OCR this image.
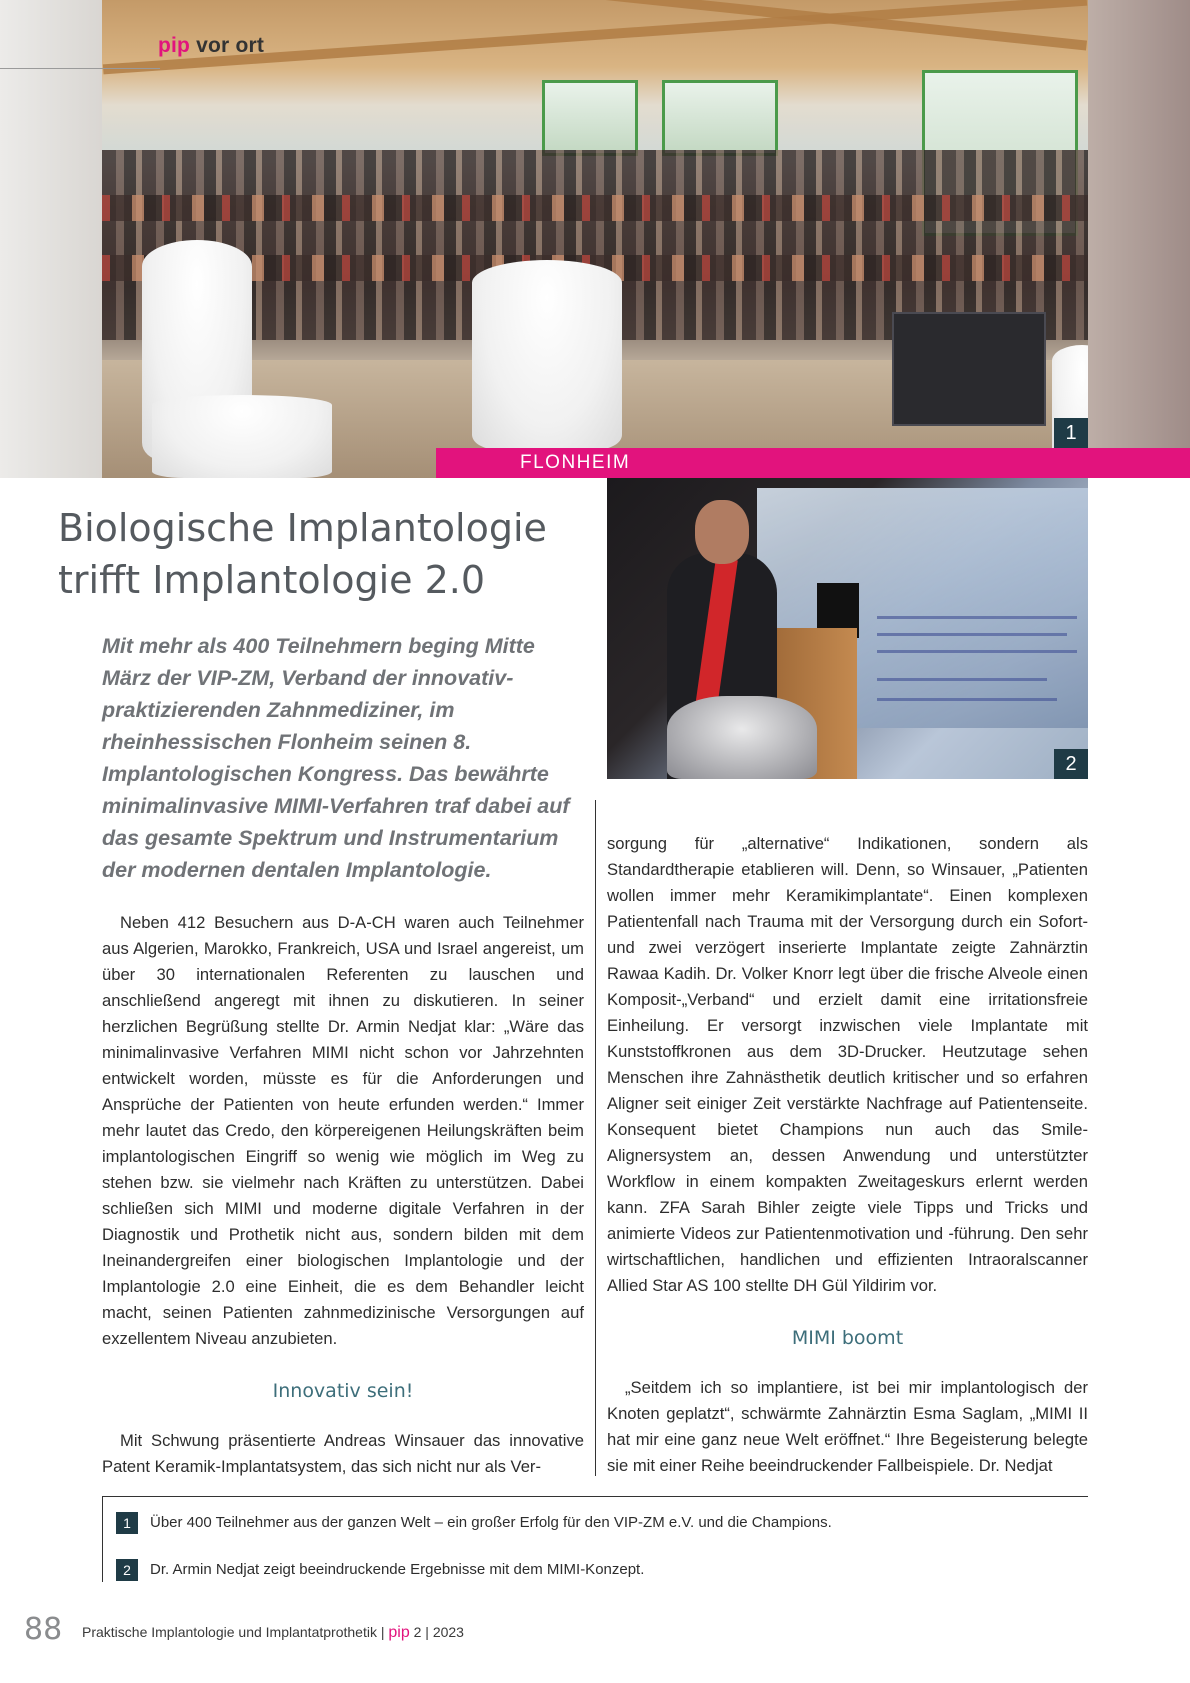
pip vor ort
1
FLONHEIM
2
Biologische Implantologie
trifft Implantologie 2.0
Mit mehr als 400 Teilnehmern beging Mitte März der VIP-ZM, Verband der innovativ-praktizierenden Zahnmediziner, im rheinhessischen Flonheim seinen 8. Implantologischen Kongress. Das bewährte minimalinvasive MIMI-Verfahren traf dabei auf das gesamte Spektrum und Instrumentarium der modernen dentalen Implantologie.

Neben 412 Besuchern aus D-A-CH waren auch Teilnehmer aus Algerien, Marokko, Frankreich, USA und Israel angereist, um über 30 internationalen Referenten zu lauschen und anschließend angeregt mit ihnen zu diskutieren. In seiner herzlichen Begrüßung stellte Dr. Armin Nedjat klar: „Wäre das minimalinvasive Verfahren MIMI nicht schon vor Jahrzehnten entwickelt worden, müsste es für die Anforderungen und Ansprüche der Patienten von heute erfunden werden.“ Immer mehr lautet das Credo, den körpereigenen Heilungskräften beim implantologischen Eingriff so wenig wie möglich im Weg zu stehen bzw. sie vielmehr nach Kräften zu unterstützen. Dabei schließen sich MIMI und moderne digitale Verfahren in der Diagnostik und Prothetik nicht aus, sondern bilden mit dem Ineinandergreifen einer biologischen Implantologie und der Implantologie 2.0 eine Einheit, die es dem Behandler leicht macht, seinen Patienten zahnmedizinische Versorgungen auf exzellentem Niveau anzubieten.

Innovativ sein!

Mit Schwung präsentierte Andreas Winsauer das innovative Patent Keramik-Implantatsystem, das sich nicht nur als Ver-

sorgung für „alternative“ Indikationen, sondern als Standardtherapie etablieren will. Denn, so Winsauer, „Patienten wollen immer mehr Keramikimplantate“. Einen komplexen Patientenfall nach Trauma mit der Versorgung durch ein Sofort- und zwei verzögert inserierte Implantate zeigte Zahnärztin Rawaa Kadih. Dr. Volker Knorr legt über die frische Alveole einen Komposit-„Verband“ und erzielt damit eine irritationsfreie Einheilung. Er versorgt inzwischen viele Implantate mit Kunststoffkronen aus dem 3D-Drucker. Heutzutage sehen Menschen ihre Zahnästhetik deutlich kritischer und so erfahren Aligner seit einiger Zeit verstärkte Nachfrage auf Patientenseite. Konsequent bietet Champions nun auch das Smile-Alignersystem an, dessen Anwendung und unterstützter Workflow in einem kompakten Zweitageskurs erlernt werden kann. ZFA Sarah Bihler zeigte viele Tipps und Tricks und animierte Videos zur Patientenmotivation und -führung. Den sehr wirtschaftlichen, handlichen und effizienten Intraoralscanner Allied Star AS 100 stellte DH Gül Yildirim vor.

MIMI boomt

„Seitdem ich so implantiere, ist bei mir implantologisch der Knoten geplatzt“, schwärmte Zahnärztin Esma Saglam, „MIMI II hat mir eine ganz neue Welt eröffnet.“ Ihre Begeisterung belegte sie mit einer Reihe beeindruckender Fallbeispiele. Dr. Nedjat

1	Über 400 Teilnehmer aus der ganzen Welt – ein großer Erfolg für den VIP-ZM e.V. und die Champions.
2	Dr. Armin Nedjat zeigt beeindruckende Ergebnisse mit dem MIMI-Konzept.
88 Praktische Implantologie und Implantatprothetik | pip 2 | 2023
